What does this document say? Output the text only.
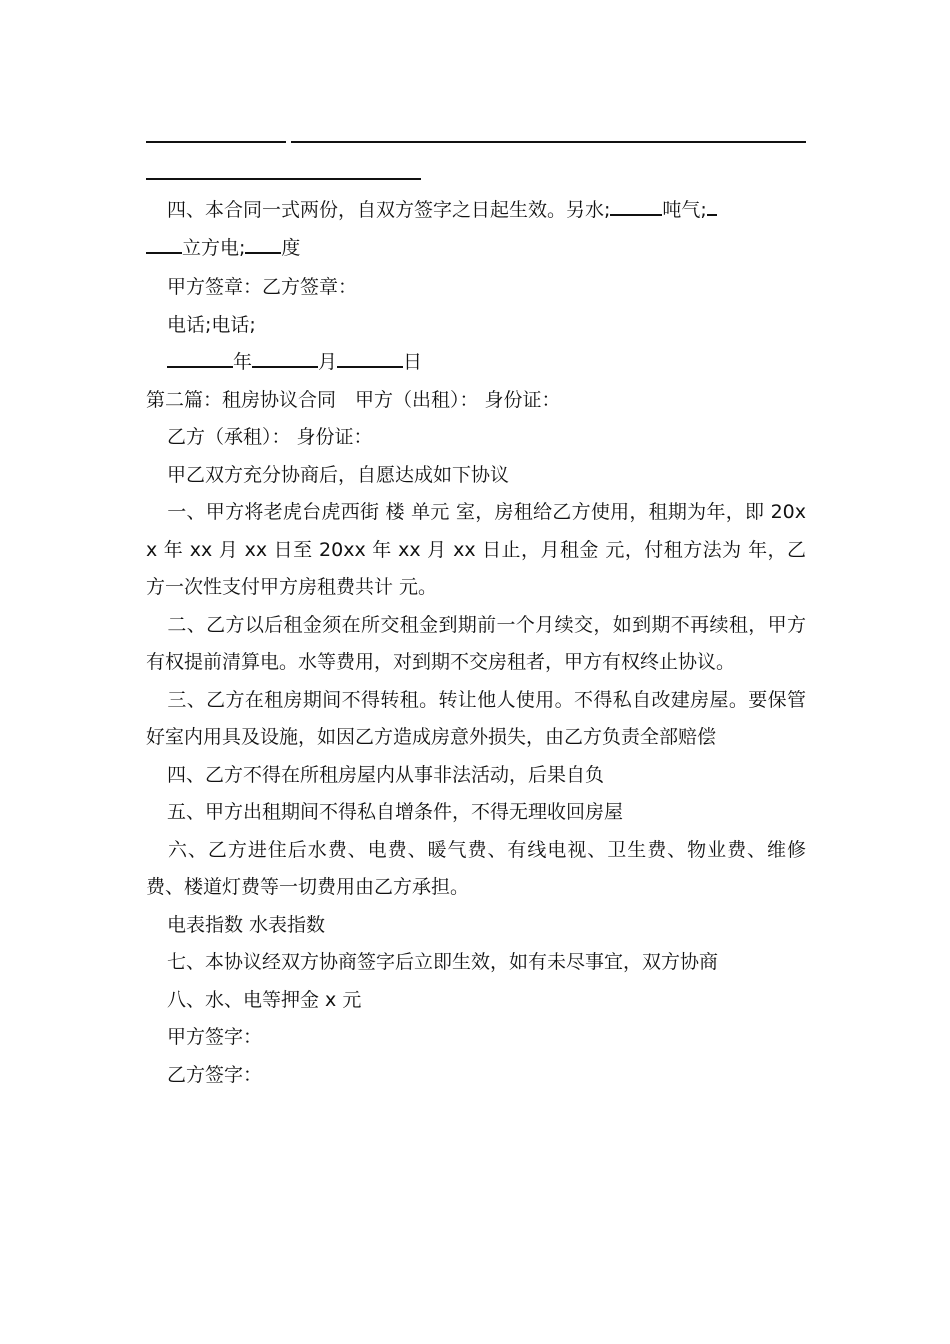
四、本合同一式两份，自双方签字之日起生效。另水;	吨气;
立方电; 度

甲方签章：乙方签章：

电话;电话;

年	月	日

第二篇：租房协议合同　甲方（出租）： 身份证：

乙方（承租）： 身份证：

甲乙双方充分协商后，自愿达成如下协议

一、甲方将老虎台虎西街 楼 单元 室，房租给乙方使用，租期为年，即 20xx 年 xx 月 xx 日至 20xx 年 xx 月 xx 日止，月租金 元，付租方法为 年，乙方一次性支付甲方房租费共计 元。

二、乙方以后租金须在所交租金到期前一个月续交，如到期不再续租，甲方有权提前清算电。水等费用，对到期不交房租者，甲方有权终止协议。

三、乙方在租房期间不得转租。转让他人使用。不得私自改建房屋。要保管好室内用具及设施，如因乙方造成房意外损失，由乙方负责全部赔偿

四、乙方不得在所租房屋内从事非法活动，后果自负

五、甲方出租期间不得私自增条件，不得无理收回房屋

六、乙方进住后水费、电费、暖气费、有线电视、卫生费、物业费、维修费、楼道灯费等一切费用由乙方承担。

电表指数 水表指数

七、本协议经双方协商签字后立即生效，如有未尽事宜，双方协商

八、水、电等押金 x 元

甲方签字：

乙方签字：
